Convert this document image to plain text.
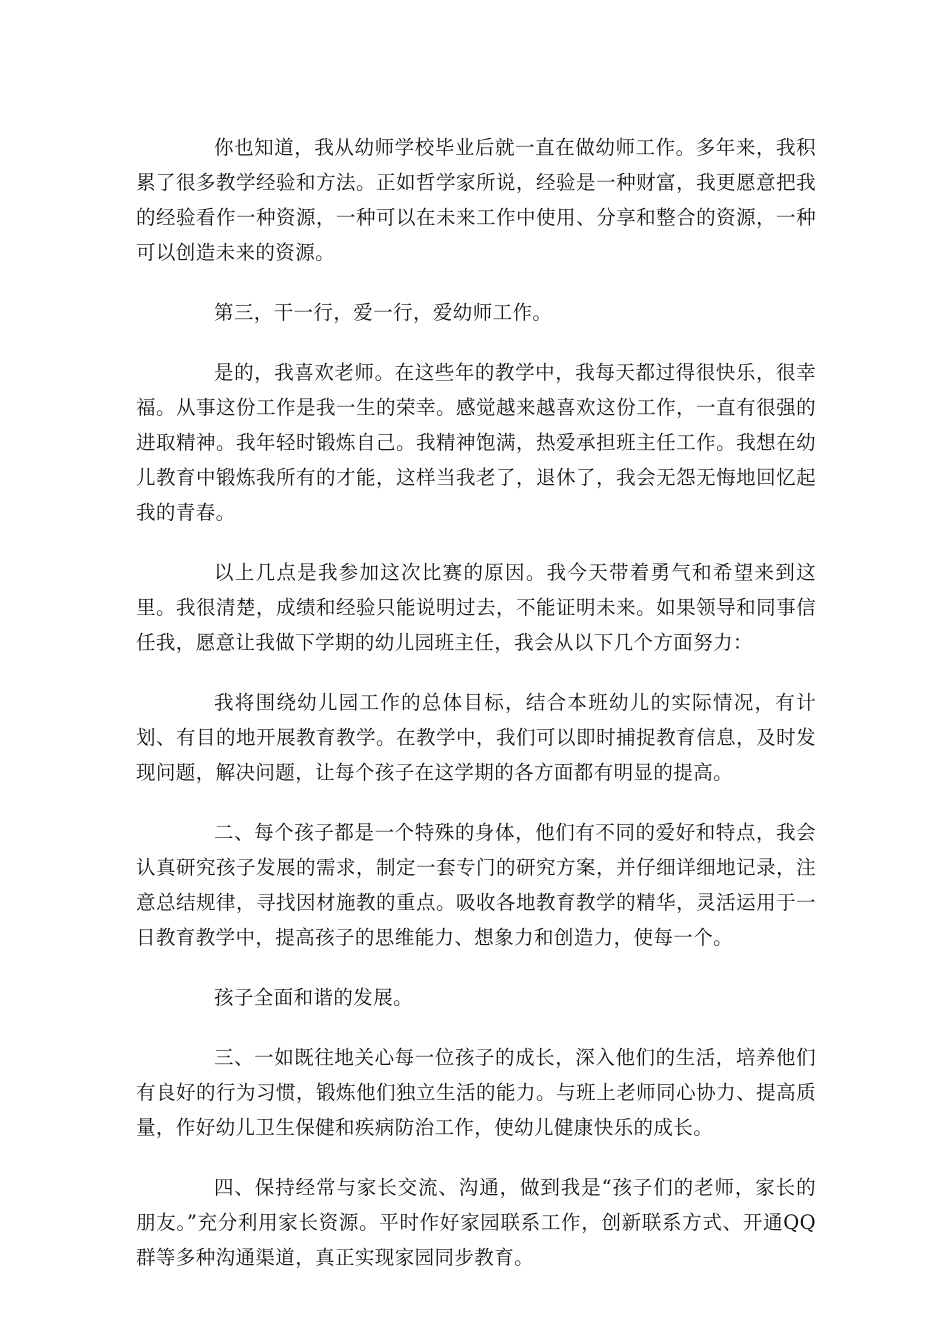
你也知道，我从幼师学校毕业后就一直在做幼师工作。多年来，我积累了很多教学经验和方法。正如哲学家所说，经验是一种财富，我更愿意把我的经验看作一种资源，一种可以在未来工作中使用、分享和整合的资源，一种可以创造未来的资源。

第三，干一行，爱一行，爱幼师工作。

是的，我喜欢老师。在这些年的教学中，我每天都过得很快乐，很幸福。从事这份工作是我一生的荣幸。感觉越来越喜欢这份工作，一直有很强的进取精神。我年轻时锻炼自己。我精神饱满，热爱承担班主任工作。我想在幼儿教育中锻炼我所有的才能，这样当我老了，退休了，我会无怨无悔地回忆起我的青春。

以上几点是我参加这次比赛的原因。我今天带着勇气和希望来到这里。我很清楚，成绩和经验只能说明过去，不能证明未来。如果领导和同事信任我，愿意让我做下学期的幼儿园班主任，我会从以下几个方面努力：

我将围绕幼儿园工作的总体目标，结合本班幼儿的实际情况，有计划、有目的地开展教育教学。在教学中，我们可以即时捕捉教育信息，及时发现问题，解决问题，让每个孩子在这学期的各方面都有明显的提高。

二、每个孩子都是一个特殊的身体，他们有不同的爱好和特点，我会认真研究孩子发展的需求，制定一套专门的研究方案，并仔细详细地记录，注意总结规律，寻找因材施教的重点。吸收各地教育教学的精华，灵活运用于一日教育教学中，提高孩子的思维能力、想象力和创造力，使每一个。

孩子全面和谐的发展。

三、一如既往地关心每一位孩子的成长，深入他们的生活，培养他们有良好的行为习惯，锻炼他们独立生活的能力。与班上老师同心协力、提高质量，作好幼儿卫生保健和疾病防治工作，使幼儿健康快乐的成长。

四、保持经常与家长交流、沟通，做到我是“孩子们的老师，家长的朋友。”充分利用家长资源。平时作好家园联系工作，创新联系方式、开通QQ群等多种沟通渠道，真正实现家园同步教育。
